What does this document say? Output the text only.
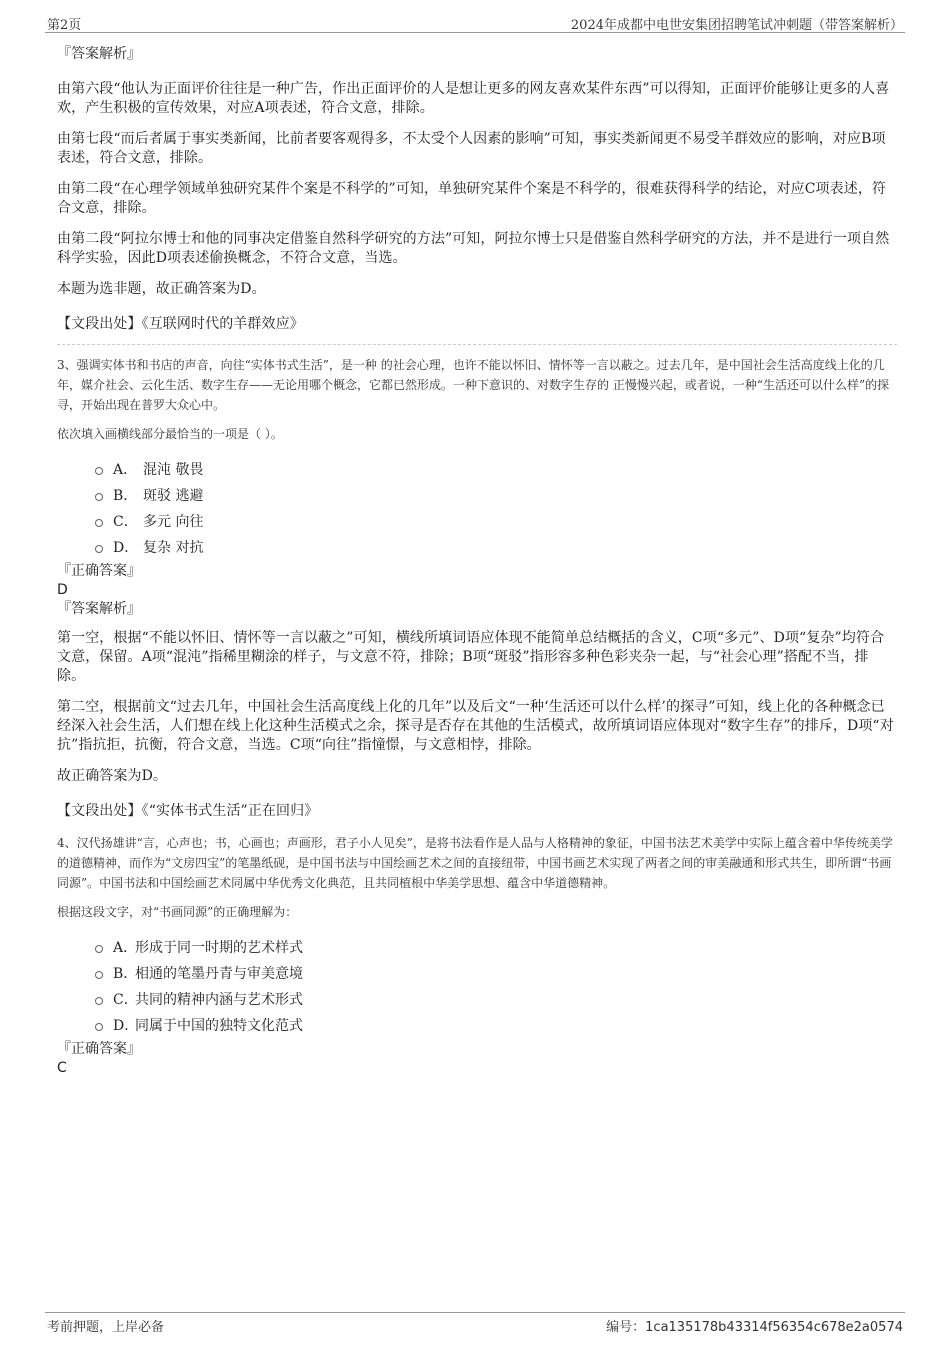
第2页	2024年成都中电世安集团招聘笔试冲刺题（带答案解析）

『答案解析』

由第六段“他认为正面评价往往是一种广告，作出正面评价的人是想让更多的网友喜欢某件东西”可以得知，正面评价能够让更多的人喜欢，产生积极的宣传效果，对应A项表述，符合文意，排除。

由第七段“而后者属于事实类新闻，比前者要客观得多，不太受个人因素的影响”可知，事实类新闻更不易受羊群效应的影响，对应B项表述，符合文意，排除。

由第二段“在心理学领域单独研究某件个案是不科学的”可知，单独研究某件个案是不科学的，很难获得科学的结论，对应C项表述，符合文意，排除。

由第二段“阿拉尔博士和他的同事决定借鉴自然科学研究的方法”可知，阿拉尔博士只是借鉴自然科学研究的方法，并不是进行一项自然科学实验，因此D项表述偷换概念，不符合文意，当选。

本题为选非题，故正确答案为D。

【文段出处】《互联网时代的羊群效应》

3、强调实体书和书店的声音，向往“实体书式生活”，是一种 的社会心理，也许不能以怀旧、情怀等一言以蔽之。过去几年，是中国社会生活高度线上化的几年，媒介社会、云化生活、数字生存——无论用哪个概念，它都已然形成。一种下意识的、对数字生存的 正慢慢兴起，或者说，一种“生活还可以什么样”的探寻，开始出现在普罗大众心中。

依次填入画横线部分最恰当的一项是（ ）。

A． 混沌 敬畏
B． 斑驳 逃避
C． 多元 向往
D． 复杂 对抗

『正确答案』

D

『答案解析』

第一空，根据“不能以怀旧、情怀等一言以蔽之”可知，横线所填词语应体现不能简单总结概括的含义，C项“多元”、D项“复杂”均符合文意，保留。A项“混沌”指稀里糊涂的样子，与文意不符，排除；B项“斑驳”指形容多种色彩夹杂一起，与“社会心理”搭配不当，排除。

第二空，根据前文“过去几年，中国社会生活高度线上化的几年”以及后文“一种‘生活还可以什么样’的探寻”可知，线上化的各种概念已经深入社会生活，人们想在线上化这种生活模式之余，探寻是否存在其他的生活模式，故所填词语应体现对“数字生存”的排斥，D项“对抗”指抗拒，抗衡，符合文意，当选。C项“向往”指憧憬，与文意相悖，排除。

故正确答案为D。

【文段出处】《“实体书式生活”正在回归》

4、汉代扬雄讲“言，心声也；书，心画也；声画形，君子小人见矣”，是将书法看作是人品与人格精神的象征，中国书法艺术美学中实际上蕴含着中华传统美学的道德精神，而作为“文房四宝”的笔墨纸砚，是中国书法与中国绘画艺术之间的直接纽带，中国书画艺术实现了两者之间的审美融通和形式共生，即所谓“书画同源”。中国书法和中国绘画艺术同属中华优秀文化典范，且共同植根中华美学思想、蕴含中华道德精神。

根据这段文字，对“书画同源”的正确理解为：

A．
形成于同一时期的艺术样式
B．
相通的笔墨丹青与审美意境
C．
共同的精神内涵与艺术形式
D．
同属于中国的独特文化范式

『正确答案』

C

考前押题，上岸必备	编号：1ca135178b43314f56354c678e2a0574
